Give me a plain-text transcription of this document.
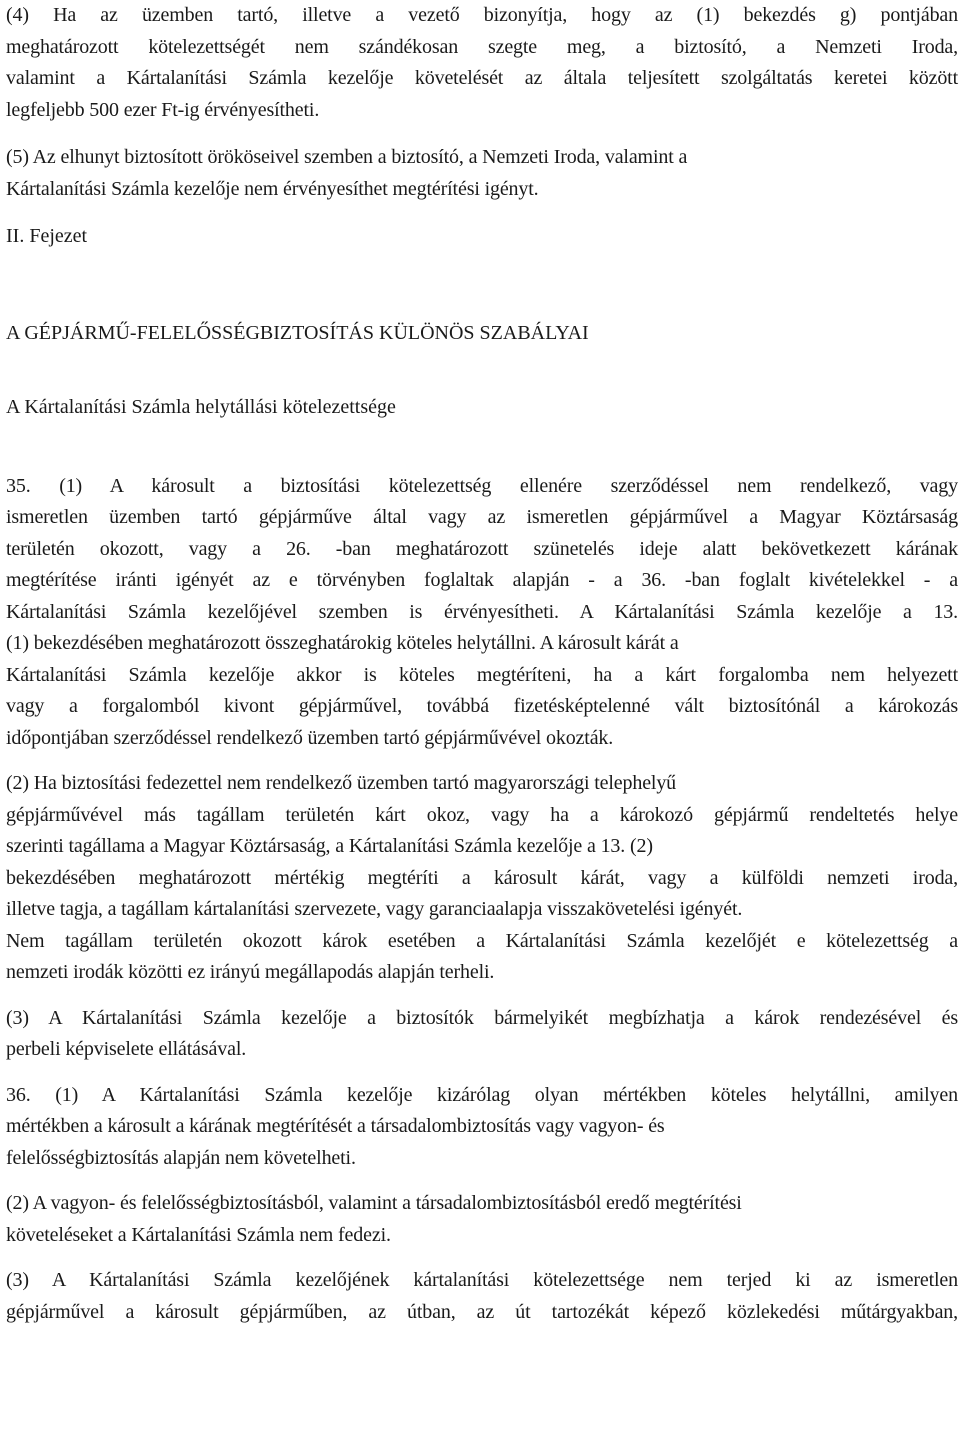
(4) Ha az üzemben tartó, illetve a vezető bizonyítja, hogy az (1) bekezdés g) pontjában
meghatározott kötelezettségét nem szándékosan szegte meg, a biztosító, a Nemzeti Iroda,
valamint a Kártalanítási Számla kezelője követelését az általa teljesített szolgáltatás keretei között
legfeljebb 500 ezer Ft-ig érvényesítheti.
(5) Az elhunyt biztosított örököseivel szemben a biztosító, a Nemzeti Iroda, valamint a
Kártalanítási Számla kezelője nem érvényesíthet megtérítési igényt.
II. Fejezet
A GÉPJÁRMŰ-FELELŐSSÉGBIZTOSÍTÁS KÜLÖNÖS SZABÁLYAI
A Kártalanítási Számla helytállási kötelezettsége
35. (1) A károsult a biztosítási kötelezettség ellenére szerződéssel nem rendelkező, vagy
ismeretlen üzemben tartó gépjárműve által vagy az ismeretlen gépjárművel a Magyar Köztársaság
területén okozott, vagy a 26. -ban meghatározott szünetelés ideje alatt bekövetkezett kárának
megtérítése iránti igényét az e törvényben foglaltak alapján - a 36. -ban foglalt kivételekkel - a
Kártalanítási Számla kezelőjével szemben is érvényesítheti. A Kártalanítási Számla kezelője a 13.
(1) bekezdésében meghatározott összeghatárokig köteles helytállni. A károsult kárát a
Kártalanítási Számla kezelője akkor is köteles megtéríteni, ha a kárt forgalomba nem helyezett
vagy a forgalomból kivont gépjárművel, továbbá fizetésképtelenné vált biztosítónál a károkozás
időpontjában szerződéssel rendelkező üzemben tartó gépjárművével okozták.
(2) Ha biztosítási fedezettel nem rendelkező üzemben tartó magyarországi telephelyű
gépjárművével más tagállam területén kárt okoz, vagy ha a károkozó gépjármű rendeltetés helye
szerinti tagállama a Magyar Köztársaság, a Kártalanítási Számla kezelője a 13. (2)
bekezdésében meghatározott mértékig megtéríti a károsult kárát, vagy a külföldi nemzeti iroda,
illetve tagja, a tagállam kártalanítási szervezete, vagy garanciaalapja visszakövetelési igényét.
Nem tagállam területén okozott károk esetében a Kártalanítási Számla kezelőjét e kötelezettség a
nemzeti irodák közötti ez irányú megállapodás alapján terheli.
(3) A Kártalanítási Számla kezelője a biztosítók bármelyikét megbízhatja a károk rendezésével és
perbeli képviselete ellátásával.
36. (1) A Kártalanítási Számla kezelője kizárólag olyan mértékben köteles helytállni, amilyen
mértékben a károsult a kárának megtérítését a társadalombiztosítás vagy vagyon- és
felelősségbiztosítás alapján nem követelheti.
(2) A vagyon- és felelősségbiztosításból, valamint a társadalombiztosításból eredő megtérítési
követeléseket a Kártalanítási Számla nem fedezi.
(3) A Kártalanítási Számla kezelőjének kártalanítási kötelezettsége nem terjed ki az ismeretlen
gépjárművel a károsult gépjárműben, az útban, az út tartozékát képező közlekedési műtárgyakban,
